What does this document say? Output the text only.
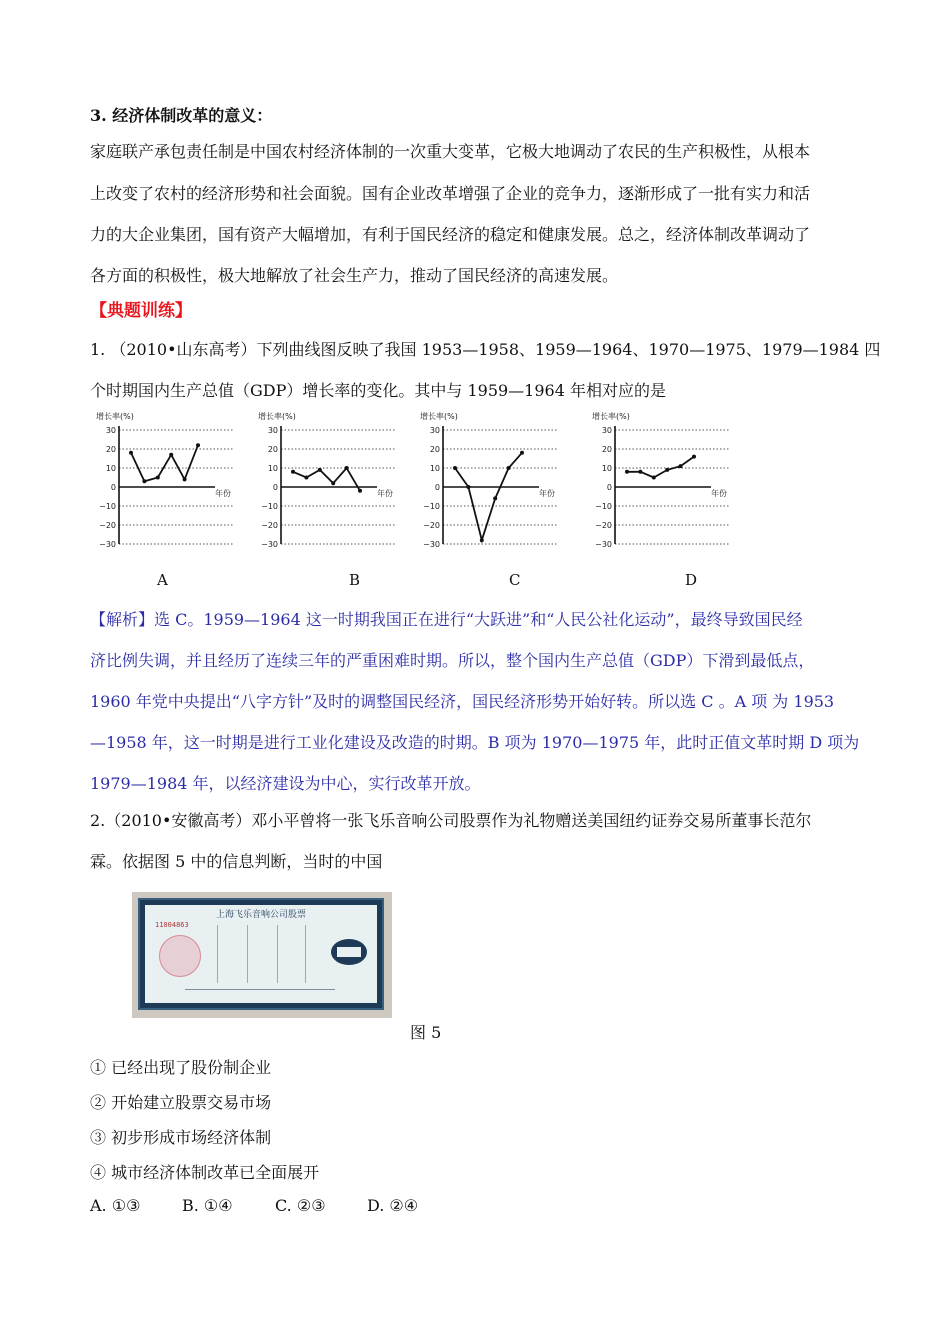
3. 经济体制改革的意义：
家庭联产承包责任制是中国农村经济体制的一次重大变革，它极大地调动了农民的生产积极性，从根本
上改变了农村的经济形势和社会面貌。国有企业改革增强了企业的竞争力，逐渐形成了一批有实力和活
力的大企业集团，国有资产大幅增加，有利于国民经济的稳定和健康发展。总之，经济体制改革调动了
各方面的积极性，极大地解放了社会生产力，推动了国民经济的高速发展。
【典题训练】
1. （2010•山东高考）下列曲线图反映了我国 1953—1958、1959—1964、1970—1975、1979—1984 四
个时期国内生产总值（GDP）增长率的变化。其中与 1959—1964 年相对应的是
增长率(%)
30
20
10
0
−10
−20
−30
年份
增长率(%)
30
20
10
0
−10
−20
−30
年份
增长率(%)
30
20
10
0
−10
−20
−30
年份
增长率(%)
30
20
10
0
−10
−20
−30
年份
A	B	C	D
【解析】选 C。1959—1964 这一时期我国正在进行“大跃进”和“人民公社化运动”，最终导致国民经
济比例失调，并且经历了连续三年的严重困难时期。所以，整个国内生产总值（GDP）下滑到最低点，
1960 年党中央提出“八字方针”及时的调整国民经济，国民经济形势开始好转。所以选 C 。A 项 为 1953
—1958 年，这一时期是进行工业化建设及改造的时期。B 项为 1970—1975 年，此时正值文革时期 D 项为
1979—1984 年，以经济建设为中心，实行改革开放。
2.（2010•安徽高考）邓小平曾将一张飞乐音响公司股票作为礼物赠送美国纽约证券交易所董事长范尔
霖。依据图 5 中的信息判断，当时的中国
上海飞乐音响公司股票
11004863
图 5
① 已经出现了股份制企业
② 开始建立股票交易市场
③ 初步形成市场经济体制
④ 城市经济体制改革已全面展开
A. ①③	B. ①④	C. ②③	D. ②④
